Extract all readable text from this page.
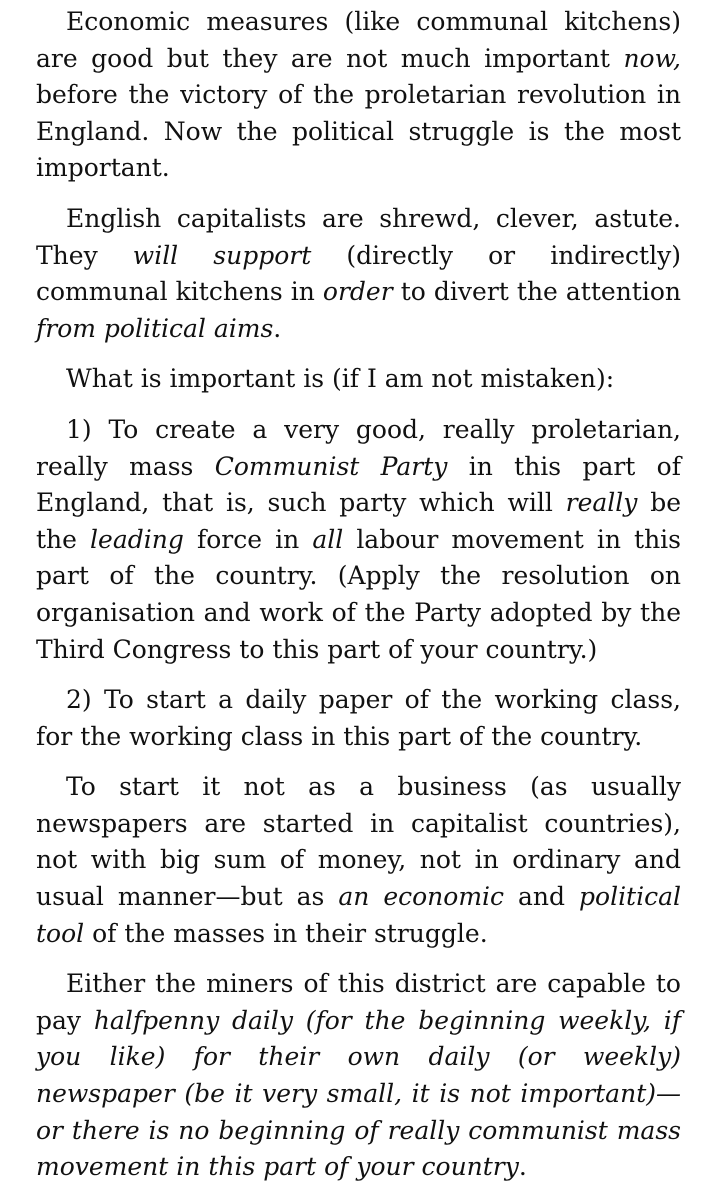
Economic measures (like communal kitchens) are good but they are not much important now, before the victory of the proletarian revolution in England. Now the political struggle is the most important.

English capitalists are shrewd, clever, astute. They will support (directly or indirectly) communal kitchens in order to divert the attention from political aims.

What is important is (if I am not mistaken):

1) To create a very good, really proletarian, really mass Communist Party in this part of England, that is, such party which will really be the leading force in all labour movement in this part of the country. (Apply the resolution on organisation and work of the Party adopted by the Third Congress to this part of your country.)

2) To start a daily paper of the working class, for the working class in this part of the country.

To start it not as a business (as usually newspapers are started in capitalist countries), not with big sum of money, not in ordinary and usual manner—but as an economic and political tool of the masses in their struggle.

Either the miners of this district are capable to pay halfpenny daily (for the beginning weekly, if you like) for their own daily (or weekly) newspaper (be it very small, it is not important)—or there is no beginning of really communist mass movement in this part of your country.
